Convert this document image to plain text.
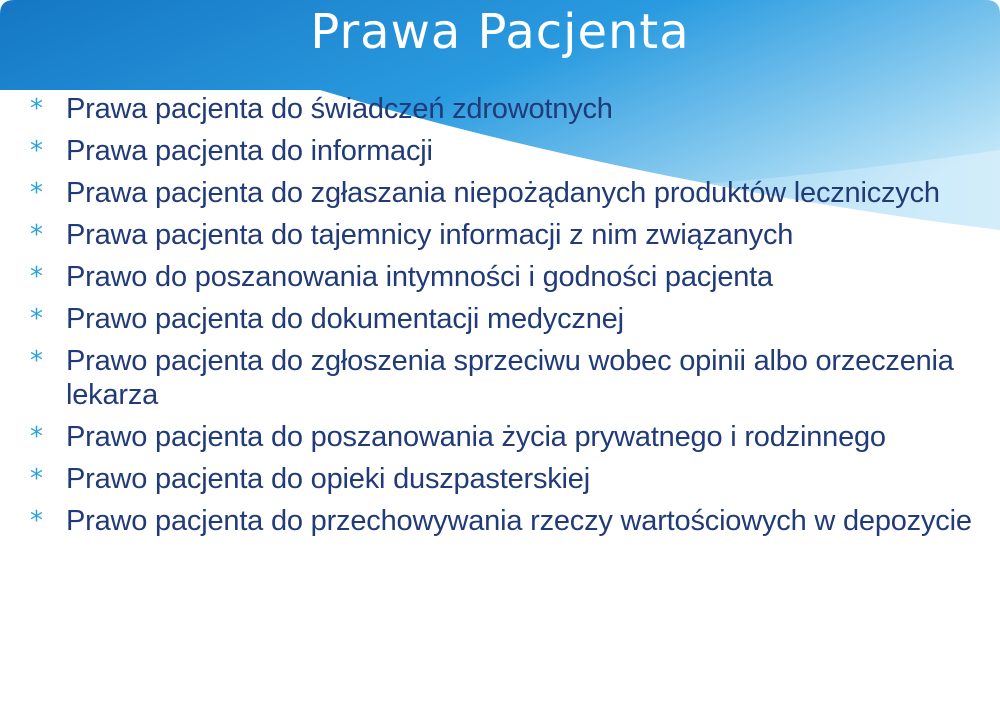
Prawa Pacjenta
* Prawa pacjenta do świadczeń zdrowotnych
* Prawa pacjenta do informacji
* Prawa pacjenta do zgłaszania niepożądanych produktów leczniczych
* Prawa pacjenta do tajemnicy informacji z nim związanych
* Prawo do poszanowania intymności i godności pacjenta
* Prawo pacjenta do dokumentacji medycznej
* Prawo pacjenta do zgłoszenia sprzeciwu wobec opinii albo orzeczenia lekarza
* Prawo pacjenta do poszanowania życia prywatnego i rodzinnego
* Prawo pacjenta do opieki duszpasterskiej
* Prawo pacjenta do przechowywania rzeczy wartościowych w depozycie
